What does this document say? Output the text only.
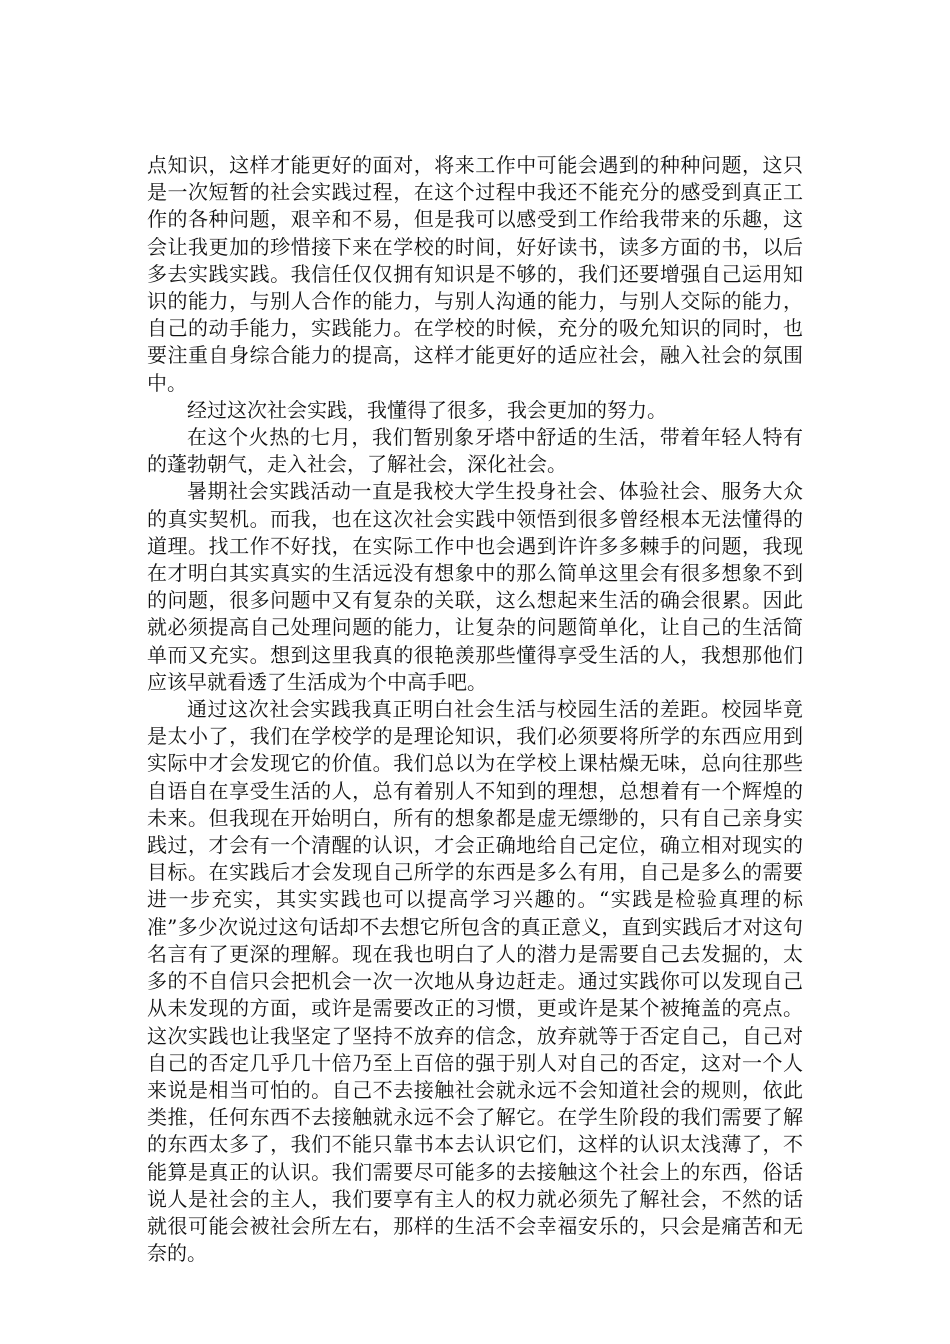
点知识，这样才能更好的面对，将来工作中可能会遇到的种种问题，这只是一次短暂的社会实践过程，在这个过程中我还不能充分的感受到真正工作的各种问题，艰辛和不易，但是我可以感受到工作给我带来的乐趣，这会让我更加的珍惜接下来在学校的时间，好好读书，读多方面的书，以后多去实践实践。我信任仅仅拥有知识是不够的，我们还要增强自己运用知识的能力，与别人合作的能力，与别人沟通的能力，与别人交际的能力，自己的动手能力，实践能力。在学校的时候，充分的吸允知识的同时，也要注重自身综合能力的提高，这样才能更好的适应社会，融入社会的氛围中。

经过这次社会实践，我懂得了很多，我会更加的努力。

在这个火热的七月，我们暂别象牙塔中舒适的生活，带着年轻人特有的蓬勃朝气，走入社会，了解社会，深化社会。

暑期社会实践活动一直是我校大学生投身社会、体验社会、服务大众的真实契机。而我，也在这次社会实践中领悟到很多曾经根本无法懂得的道理。找工作不好找，在实际工作中也会遇到许许多多棘手的问题，我现在才明白其实真实的生活远没有想象中的那么简单这里会有很多想象不到的问题，很多问题中又有复杂的关联，这么想起来生活的确会很累。因此就必须提高自己处理问题的能力，让复杂的问题简单化，让自己的生活简单而又充实。想到这里我真的很艳羡那些懂得享受生活的人，我想那他们应该早就看透了生活成为个中高手吧。

通过这次社会实践我真正明白社会生活与校园生活的差距。校园毕竟是太小了，我们在学校学的是理论知识，我们必须要将所学的东西应用到实际中才会发现它的价值。我们总以为在学校上课枯燥无味，总向往那些自语自在享受生活的人，总有着别人不知到的理想，总想着有一个辉煌的未来。但我现在开始明白，所有的想象都是虚无缥缈的，只有自己亲身实践过，才会有一个清醒的认识，才会正确地给自己定位，确立相对现实的目标。在实践后才会发现自己所学的东西是多么有用，自己是多么的需要进一步充实，其实实践也可以提高学习兴趣的。“实践是检验真理的标准”多少次说过这句话却不去想它所包含的真正意义，直到实践后才对这句名言有了更深的理解。现在我也明白了人的潜力是需要自己去发掘的，太多的不自信只会把机会一次一次地从身边赶走。通过实践你可以发现自己从未发现的方面，或许是需要改正的习惯，更或许是某个被掩盖的亮点。这次实践也让我坚定了坚持不放弃的信念，放弃就等于否定自己，自己对自己的否定几乎几十倍乃至上百倍的强于别人对自己的否定，这对一个人来说是相当可怕的。自己不去接触社会就永远不会知道社会的规则，依此类推，任何东西不去接触就永远不会了解它。在学生阶段的我们需要了解的东西太多了，我们不能只靠书本去认识它们，这样的认识太浅薄了，不能算是真正的认识。我们需要尽可能多的去接触这个社会上的东西，俗话说人是社会的主人，我们要享有主人的权力就必须先了解社会，不然的话就很可能会被社会所左右，那样的生活不会幸福安乐的，只会是痛苦和无奈的。
